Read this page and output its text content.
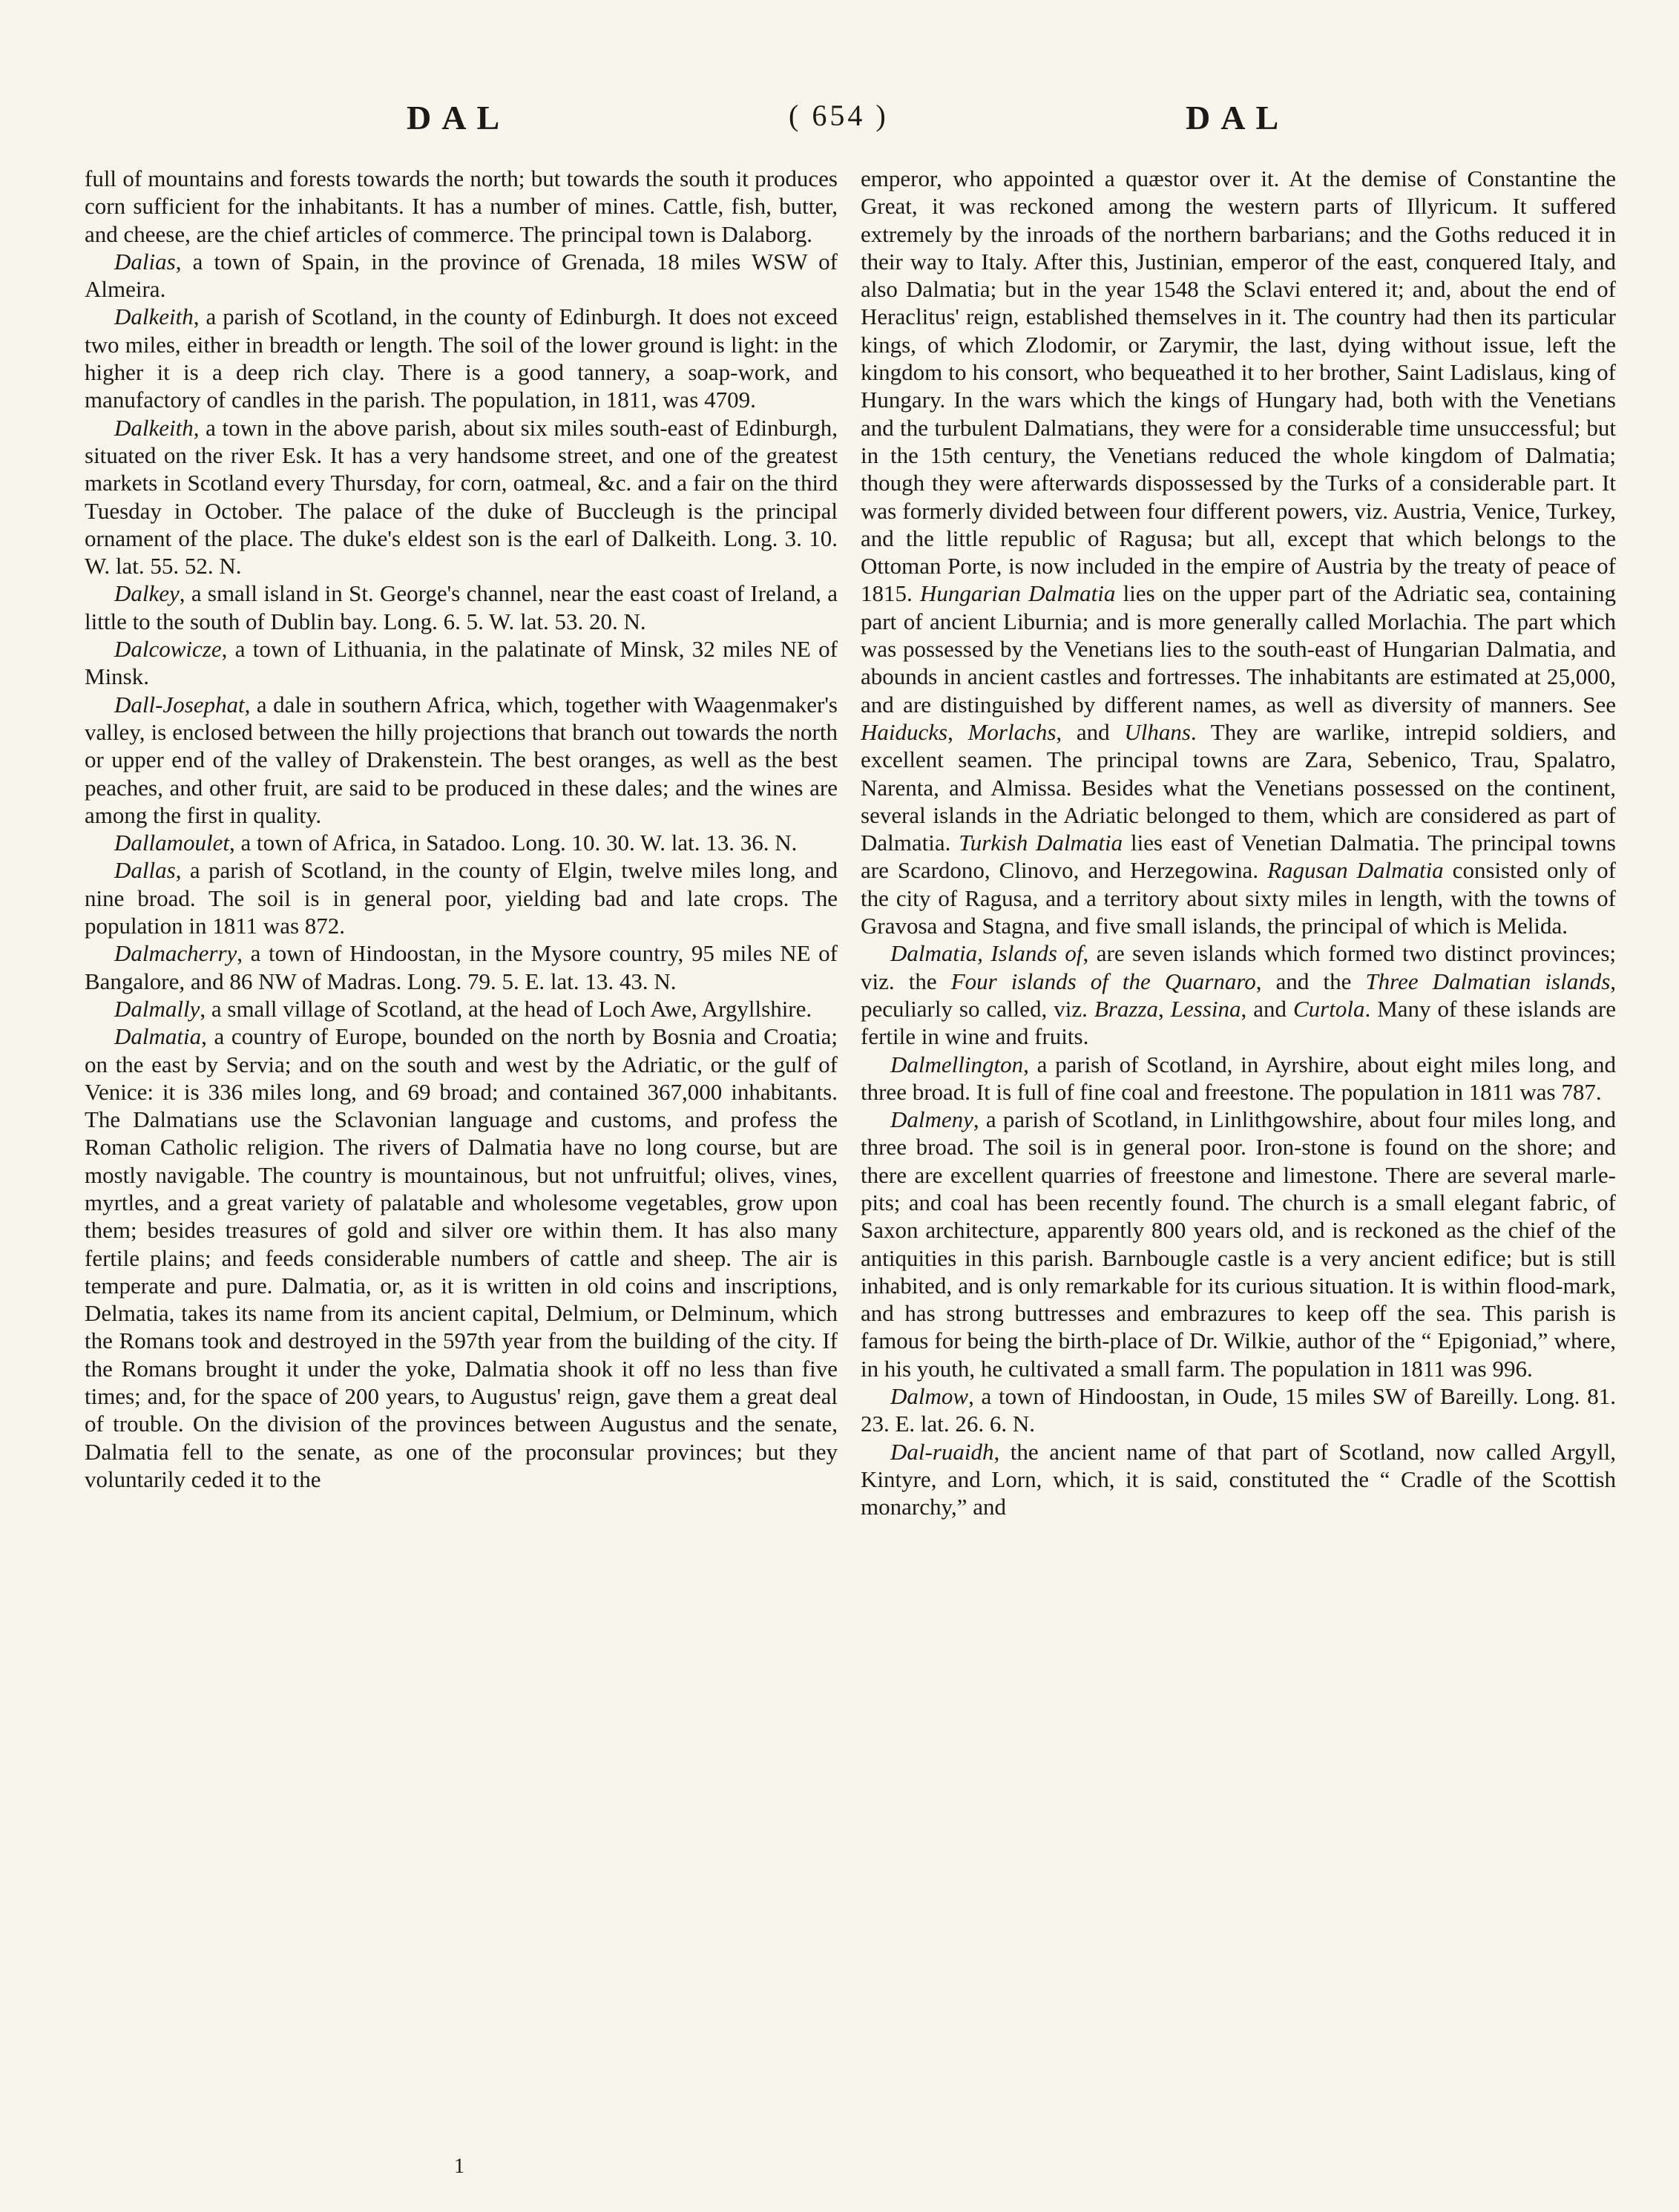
DAL	( 654 )	DAL

full of mountains and forests towards the north; but towards the south it produces corn sufficient for the inhabitants. It has a number of mines. Cattle, fish, butter, and cheese, are the chief articles of commerce. The principal town is Dalaborg.

Dalias, a town of Spain, in the province of Grenada, 18 miles WSW of Almeira.

Dalkeith, a parish of Scotland, in the county of Edinburgh. It does not exceed two miles, either in breadth or length. The soil of the lower ground is light: in the higher it is a deep rich clay. There is a good tannery, a soap-work, and manufactory of candles in the parish. The population, in 1811, was 4709.

Dalkeith, a town in the above parish, about six miles south-east of Edinburgh, situated on the river Esk. It has a very handsome street, and one of the greatest markets in Scotland every Thursday, for corn, oatmeal, &c. and a fair on the third Tuesday in October. The palace of the duke of Buccleugh is the principal ornament of the place. The duke's eldest son is the earl of Dalkeith. Long. 3. 10. W. lat. 55. 52. N.

Dalkey, a small island in St. George's channel, near the east coast of Ireland, a little to the south of Dublin bay. Long. 6. 5. W. lat. 53. 20. N.

Dalcowicze, a town of Lithuania, in the palatinate of Minsk, 32 miles NE of Minsk.

Dall-Josephat, a dale in southern Africa, which, together with Waagenmaker's valley, is enclosed between the hilly projections that branch out towards the north or upper end of the valley of Drakenstein. The best oranges, as well as the best peaches, and other fruit, are said to be produced in these dales; and the wines are among the first in quality.

Dallamoulet, a town of Africa, in Satadoo. Long. 10. 30. W. lat. 13. 36. N.

Dallas, a parish of Scotland, in the county of Elgin, twelve miles long, and nine broad. The soil is in general poor, yielding bad and late crops. The population in 1811 was 872.

Dalmacherry, a town of Hindoostan, in the Mysore country, 95 miles NE of Bangalore, and 86 NW of Madras. Long. 79. 5. E. lat. 13. 43. N.

Dalmally, a small village of Scotland, at the head of Loch Awe, Argyllshire.

Dalmatia, a country of Europe, bounded on the north by Bosnia and Croatia; on the east by Servia; and on the south and west by the Adriatic, or the gulf of Venice: it is 336 miles long, and 69 broad; and contained 367,000 inhabitants. The Dalmatians use the Sclavonian language and customs, and profess the Roman Catholic religion. The rivers of Dalmatia have no long course, but are mostly navigable. The country is mountainous, but not unfruitful; olives, vines, myrtles, and a great variety of palatable and wholesome vegetables, grow upon them; besides treasures of gold and silver ore within them. It has also many fertile plains; and feeds considerable numbers of cattle and sheep. The air is temperate and pure. Dalmatia, or, as it is written in old coins and inscriptions, Delmatia, takes its name from its ancient capital, Delmium, or Delminum, which the Romans took and destroyed in the 597th year from the building of the city. If the Romans brought it under the yoke, Dalmatia shook it off no less than five times; and, for the space of 200 years, to Augustus' reign, gave them a great deal of trouble. On the division of the provinces between Augustus and the senate, Dalmatia fell to the senate, as one of the proconsular provinces; but they voluntarily ceded it to the

emperor, who appointed a quæstor over it. At the demise of Constantine the Great, it was reckoned among the western parts of Illyricum. It suffered extremely by the inroads of the northern barbarians; and the Goths reduced it in their way to Italy. After this, Justinian, emperor of the east, conquered Italy, and also Dalmatia; but in the year 1548 the Sclavi entered it; and, about the end of Heraclitus' reign, established themselves in it. The country had then its particular kings, of which Zlodomir, or Zarymir, the last, dying without issue, left the kingdom to his consort, who bequeathed it to her brother, Saint Ladislaus, king of Hungary. In the wars which the kings of Hungary had, both with the Venetians and the turbulent Dalmatians, they were for a considerable time unsuccessful; but in the 15th century, the Venetians reduced the whole kingdom of Dalmatia; though they were afterwards dispossessed by the Turks of a considerable part. It was formerly divided between four different powers, viz. Austria, Venice, Turkey, and the little republic of Ragusa; but all, except that which belongs to the Ottoman Porte, is now included in the empire of Austria by the treaty of peace of 1815. Hungarian Dalmatia lies on the upper part of the Adriatic sea, containing part of ancient Liburnia; and is more generally called Morlachia. The part which was possessed by the Venetians lies to the south-east of Hungarian Dalmatia, and abounds in ancient castles and fortresses. The inhabitants are estimated at 25,000, and are distinguished by different names, as well as diversity of manners. See Haiducks, Morlachs, and Ulhans. They are warlike, intrepid soldiers, and excellent seamen. The principal towns are Zara, Sebenico, Trau, Spalatro, Narenta, and Almissa. Besides what the Venetians possessed on the continent, several islands in the Adriatic belonged to them, which are considered as part of Dalmatia. Turkish Dalmatia lies east of Venetian Dalmatia. The principal towns are Scardono, Clinovo, and Herzegowina. Ragusan Dalmatia consisted only of the city of Ragusa, and a territory about sixty miles in length, with the towns of Gravosa and Stagna, and five small islands, the principal of which is Melida.

Dalmatia, Islands of, are seven islands which formed two distinct provinces; viz. the Four islands of the Quarnaro, and the Three Dalmatian islands, peculiarly so called, viz. Brazza, Lessina, and Curtola. Many of these islands are fertile in wine and fruits.

Dalmellington, a parish of Scotland, in Ayrshire, about eight miles long, and three broad. It is full of fine coal and freestone. The population in 1811 was 787.

Dalmeny, a parish of Scotland, in Linlithgowshire, about four miles long, and three broad. The soil is in general poor. Iron-stone is found on the shore; and there are excellent quarries of freestone and limestone. There are several marle-pits; and coal has been recently found. The church is a small elegant fabric, of Saxon architecture, apparently 800 years old, and is reckoned as the chief of the antiquities in this parish. Barnbougle castle is a very ancient edifice; but is still inhabited, and is only remarkable for its curious situation. It is within flood-mark, and has strong buttresses and embrazures to keep off the sea. This parish is famous for being the birth-place of Dr. Wilkie, author of the “ Epigoniad,” where, in his youth, he cultivated a small farm. The population in 1811 was 996.

Dalmow, a town of Hindoostan, in Oude, 15 miles SW of Bareilly. Long. 81. 23. E. lat. 26. 6. N.

Dal-ruaidh, the ancient name of that part of Scotland, now called Argyll, Kintyre, and Lorn, which, it is said, constituted the “ Cradle of the Scottish monarchy,” and

1
